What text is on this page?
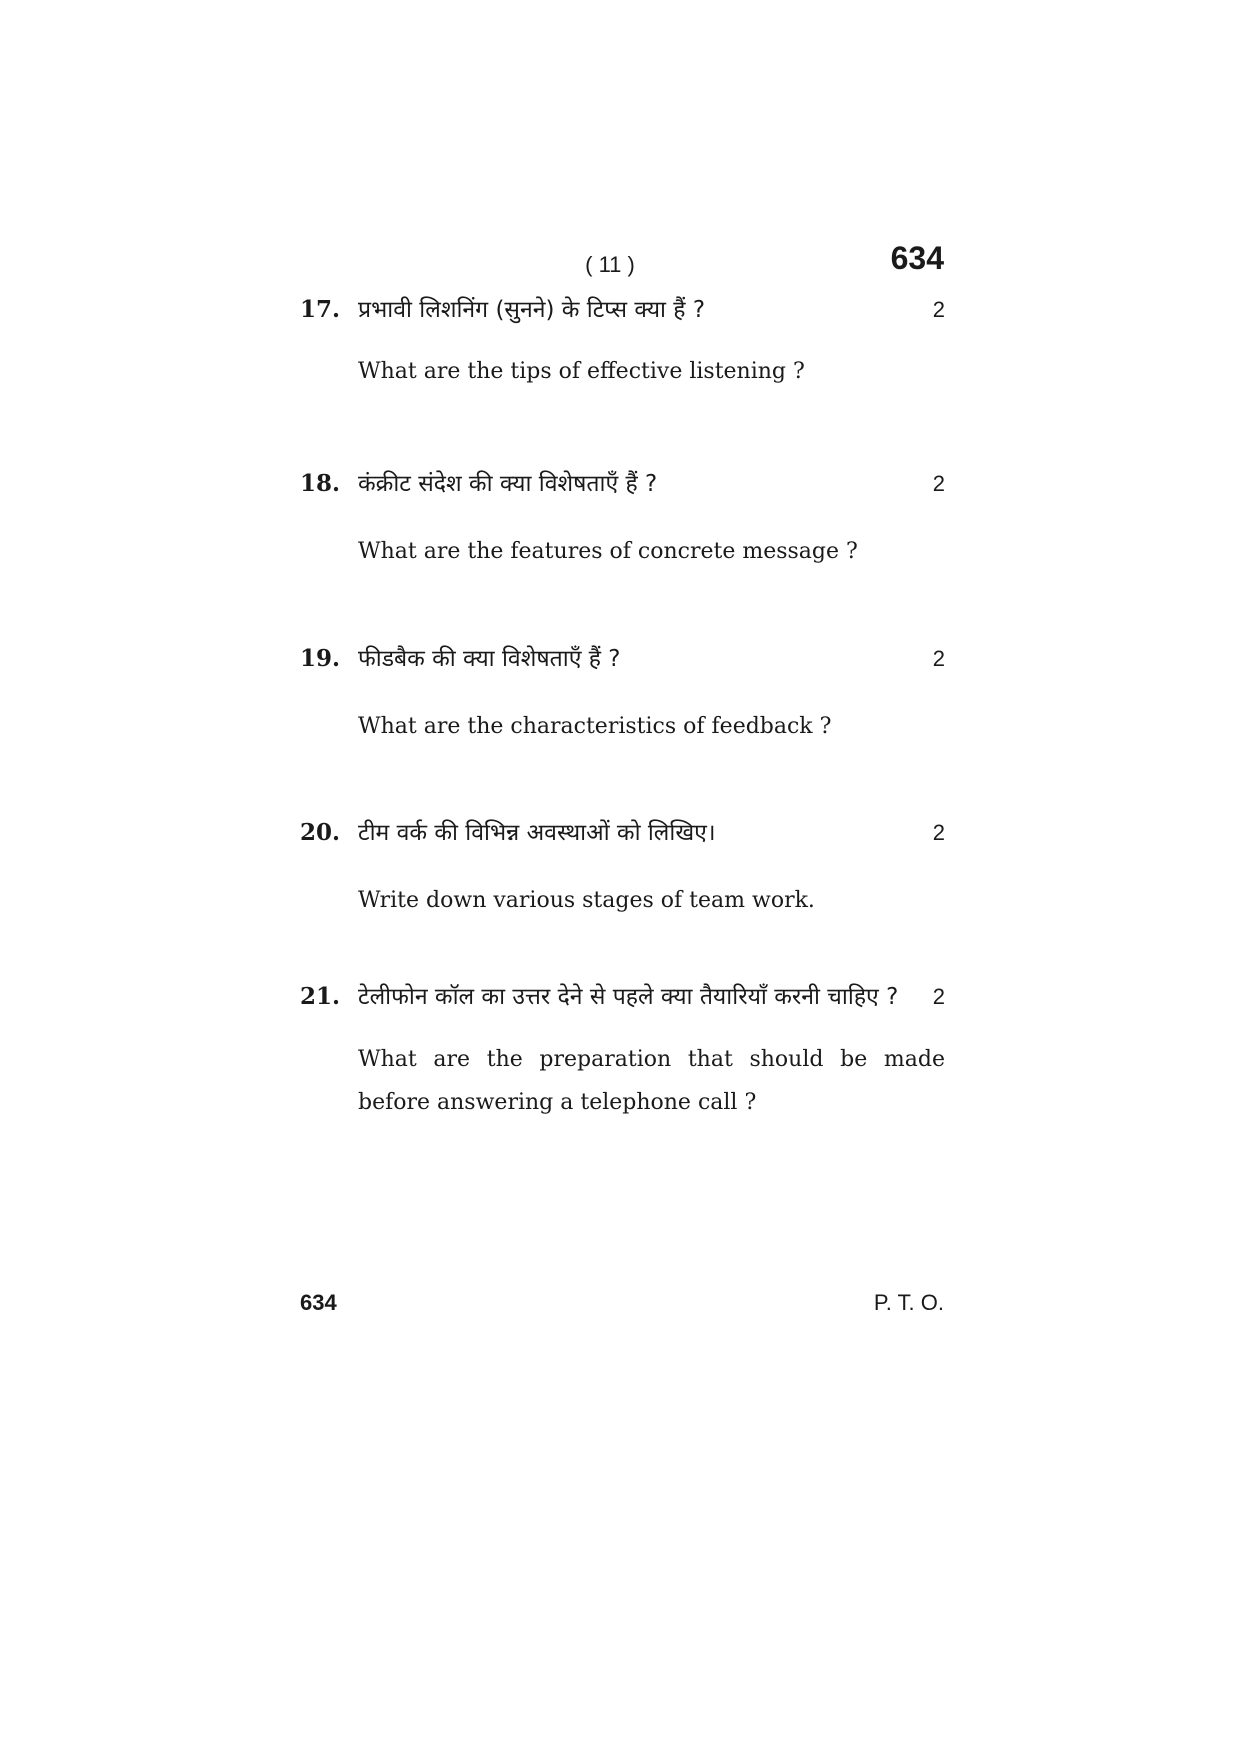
( 11 )	634
17. प्रभावी लिशनिंग (सुनने) के टिप्स क्या हैं ?	2
What are the tips of effective listening ?
18. कंक्रीट संदेश की क्या विशेषताएँ हैं ?	2
What are the features of concrete message ?
19. फीडबैक की क्या विशेषताएँ हैं ?	2
What are the characteristics of feedback ?
20. टीम वर्क की विभिन्न अवस्थाओं को लिखिए।	2
Write down various stages of team work.
21. टेलीफोन कॉल का उत्तर देने से पहले क्या तैयारियाँ करनी चाहिए ?	2
What are the preparation that should be made before answering a telephone call ?
634	P. T. O.
